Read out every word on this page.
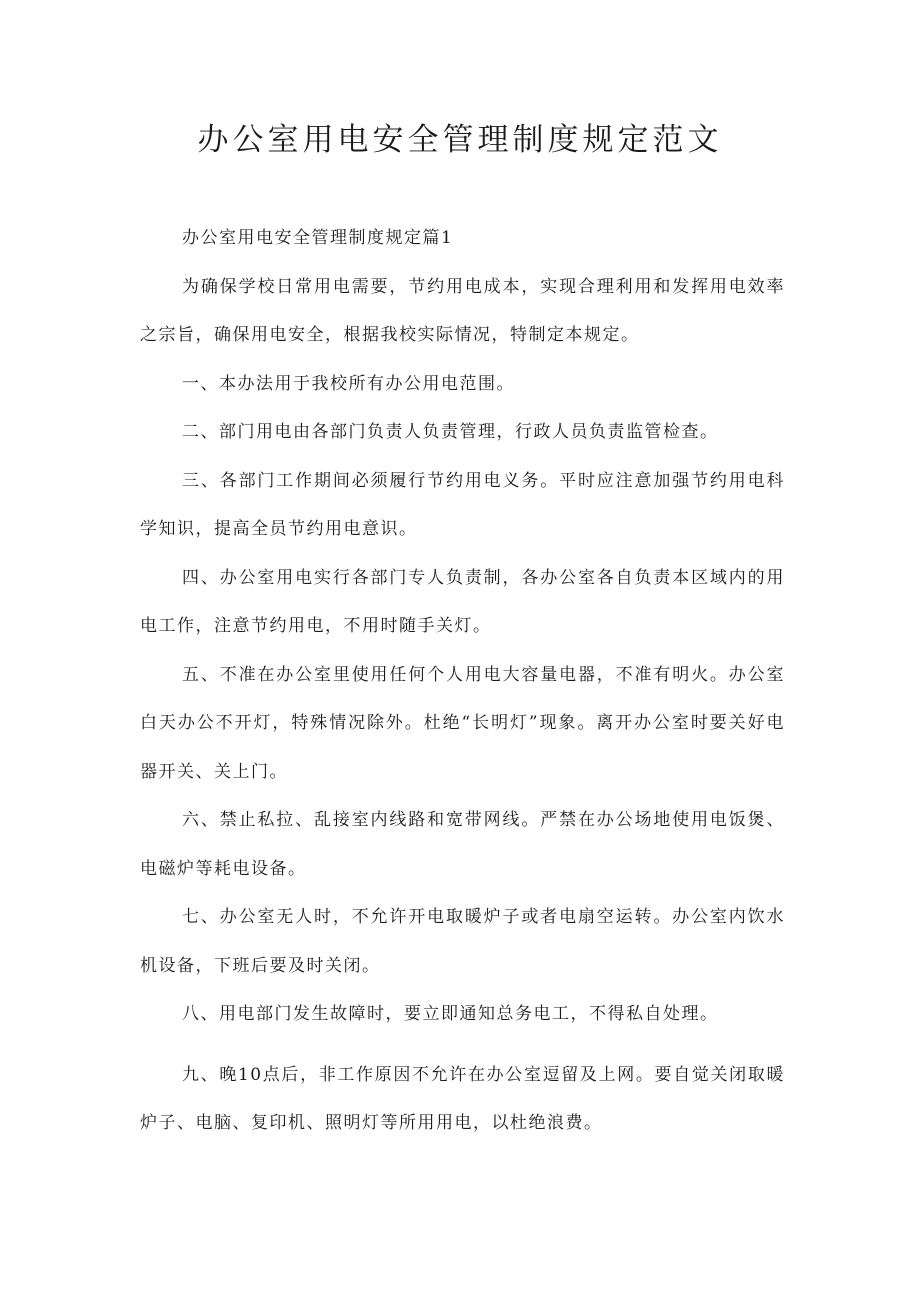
办公室用电安全管理制度规定范文

办公室用电安全管理制度规定篇1

为确保学校日常用电需要，节约用电成本，实现合理利用和发挥用电效率之宗旨，确保用电安全，根据我校实际情况，特制定本规定。

一、本办法用于我校所有办公用电范围。

二、部门用电由各部门负责人负责管理，行政人员负责监管检查。

三、各部门工作期间必须履行节约用电义务。平时应注意加强节约用电科学知识，提高全员节约用电意识。

四、办公室用电实行各部门专人负责制，各办公室各自负责本区域内的用电工作，注意节约用电，不用时随手关灯。

五、不准在办公室里使用任何个人用电大容量电器，不准有明火。办公室白天办公不开灯，特殊情况除外。杜绝“长明灯”现象。离开办公室时要关好电器开关、关上门。

六、禁止私拉、乱接室内线路和宽带网线。严禁在办公场地使用电饭煲、电磁炉等耗电设备。

七、办公室无人时，不允许开电取暖炉子或者电扇空运转。办公室内饮水机设备，下班后要及时关闭。

八、用电部门发生故障时，要立即通知总务电工，不得私自处理。

九、晚10点后，非工作原因不允许在办公室逗留及上网。要自觉关闭取暖炉子、电脑、复印机、照明灯等所用用电，以杜绝浪费。
